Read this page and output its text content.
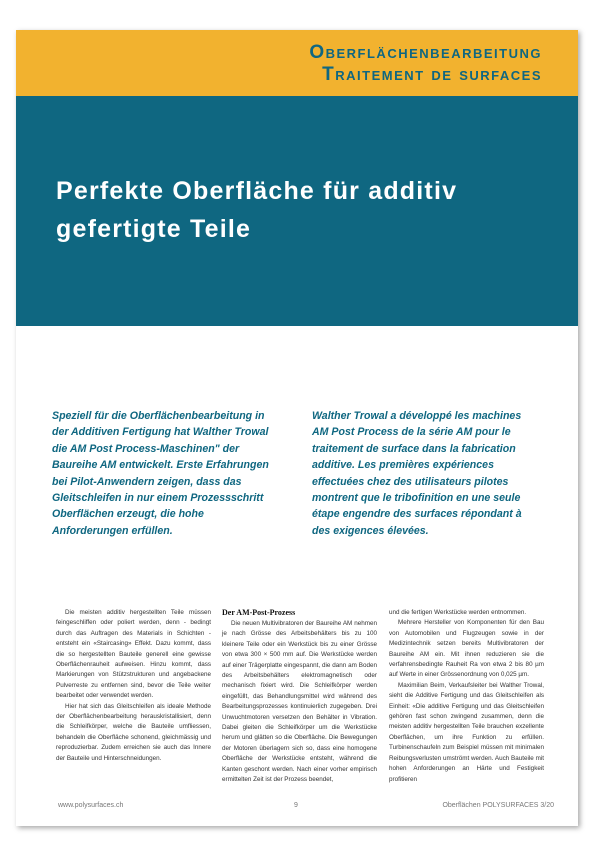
Oberflächenbearbeitung
Traitement de surfaces
Perfekte Oberfläche für additiv gefertigte Teile

Speziell für die Oberflächenbearbeitung in der Additiven Fertigung hat Walther Trowal die AM Post Process-Maschinen" der Baureihe AM entwickelt. Erste Erfahrungen bei Pilot-Anwendern zeigen, dass das Gleitschleifen in nur einem Prozessschritt Oberflächen erzeugt, die hohe Anforderungen erfüllen.

Walther Trowal a développé les machines AM Post Process de la série AM pour le traitement de surface dans la fabrication additive. Les premières expériences effectuées chez des utilisateurs pilotes montrent que le tribofinition en une seule étape engendre des surfaces répondant à des exigences élevées.

Die meisten additiv hergestellten Teile müssen feingeschliffen oder poliert werden, denn - bedingt durch das Auftragen des Materials in Schichten - entsteht ein «Staircasing» Effekt. Dazu kommt, dass die so hergestellten Bauteile generell eine gewisse Oberflächenrauheit aufweisen. Hinzu kommt, dass Markierungen von Stützstrukturen und angebackene Pulverreste zu entfernen sind, bevor die Teile weiter bearbeitet oder verwendet werden.

Hier hat sich das Gleitschleifen als ideale Methode der Oberflächenbearbeitung herauskristallisiert, denn die Schleifkörper, welche die Bauteile umfliessen, behandeln die Oberfläche schonend, gleichmässig und reproduzierbar. Zudem erreichen sie auch das Innere der Bauteile und Hinterschneidungen.

Der AM-Post-Prozess

Die neuen Multivibratoren der Baureihe AM nehmen je nach Grösse des Arbeitsbehälters bis zu 100 kleinere Teile oder ein Werkstück bis zu einer Grösse von etwa 300 × 500 mm auf. Die Werkstücke werden auf einer Trägerplatte eingespannt, die dann am Boden des Arbeitsbehälters elektromagnetisch oder mechanisch fixiert wird. Die Schleifkörper werden eingefüllt, das Behandlungsmittel wird während des Bearbeitungsprozesses kontinuierlich zugegeben. Drei Unwuchtmotoren versetzen den Behälter in Vibration. Dabei gleiten die Schleifkörper um die Werkstücke herum und glätten so die Oberfläche. Die Bewegungen der Motoren überlagern sich so, dass eine homogene Oberfläche der Werkstücke entsteht, während die Kanten geschont werden. Nach einer vorher empirisch ermittelten Zeit ist der Prozess beendet,

und die fertigen Werkstücke werden entnommen.

Mehrere Hersteller von Komponenten für den Bau von Automobilen und Flugzeugen sowie in der Medizintechnik setzen bereits Multivibratoren der Baureihe AM ein. Mit ihnen reduzieren sie die verfahrensbedingte Rauheit Ra von etwa 2 bis 80 µm auf Werte in einer Grössenordnung von 0,025 µm.

Maximilian Beim, Verkaufsleiter bei Walther Trowal, sieht die Additive Fertigung und das Gleitschleifen als Einheit: «Die additive Fertigung und das Gleitschleifen gehören fast schon zwingend zusammen, denn die meisten additiv hergestellten Teile brauchen exzellente Oberflächen, um ihre Funktion zu erfüllen. Turbinenschaufeln zum Beispiel müssen mit minimalen Reibungsverlusten umströmt werden. Auch Bauteile mit hohen Anforderungen an Härte und Festigkeit profitieren

www.polysurfaces.ch	9	Oberflächen POLYSURFACES 3/20
